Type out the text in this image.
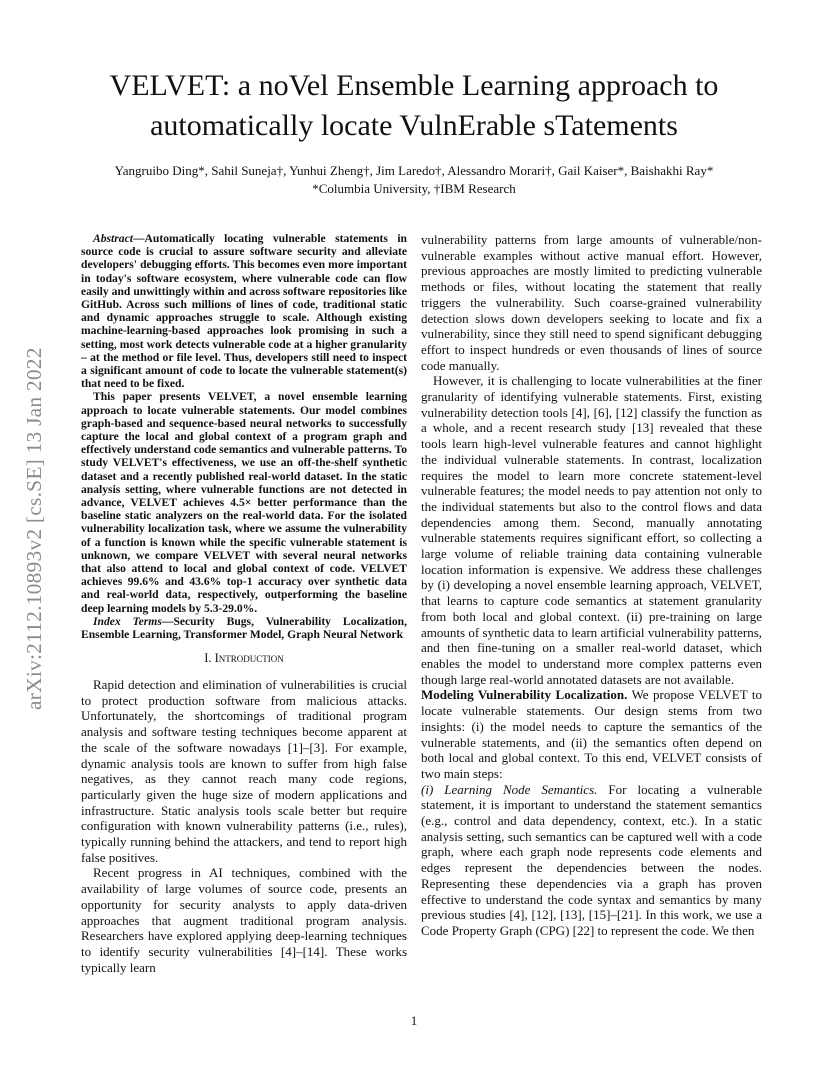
VELVET: a noVel Ensemble Learning approach to
automatically locate VulnErable sTatements
Yangruibo Ding*, Sahil Suneja†, Yunhui Zheng†, Jim Laredo†, Alessandro Morari†, Gail Kaiser*, Baishakhi Ray*
*Columbia University, †IBM Research
arXiv:2112.10893v2 [cs.SE] 13 Jan 2022

Abstract—Automatically locating vulnerable statements in source code is crucial to assure software security and alleviate developers' debugging efforts. This becomes even more important in today's software ecosystem, where vulnerable code can flow easily and unwittingly within and across software repositories like GitHub. Across such millions of lines of code, traditional static and dynamic approaches struggle to scale. Although existing machine-learning-based approaches look promising in such a setting, most work detects vulnerable code at a higher granularity – at the method or file level. Thus, developers still need to inspect a significant amount of code to locate the vulnerable statement(s) that need to be fixed.

This paper presents VELVET, a novel ensemble learning approach to locate vulnerable statements. Our model combines graph-based and sequence-based neural networks to successfully capture the local and global context of a program graph and effectively understand code semantics and vulnerable patterns. To study VELVET's effectiveness, we use an off-the-shelf synthetic dataset and a recently published real-world dataset. In the static analysis setting, where vulnerable functions are not detected in advance, VELVET achieves 4.5× better performance than the baseline static analyzers on the real-world data. For the isolated vulnerability localization task, where we assume the vulnerability of a function is known while the specific vulnerable statement is unknown, we compare VELVET with several neural networks that also attend to local and global context of code. VELVET achieves 99.6% and 43.6% top-1 accuracy over synthetic data and real-world data, respectively, outperforming the baseline deep learning models by 5.3-29.0%.

Index Terms—Security Bugs, Vulnerability Localization, Ensemble Learning, Transformer Model, Graph Neural Network

I. Introduction

Rapid detection and elimination of vulnerabilities is crucial to protect production software from malicious attacks. Unfortunately, the shortcomings of traditional program analysis and software testing techniques become apparent at the scale of the software nowadays [1]–[3]. For example, dynamic analysis tools are known to suffer from high false negatives, as they cannot reach many code regions, particularly given the huge size of modern applications and infrastructure. Static analysis tools scale better but require configuration with known vulnerability patterns (i.e., rules), typically running behind the attackers, and tend to report high false positives.

Recent progress in AI techniques, combined with the availability of large volumes of source code, presents an opportunity for security analysts to apply data-driven approaches that augment traditional program analysis. Researchers have explored applying deep-learning techniques to identify security vulnerabilities [4]–[14]. These works typically learn

vulnerability patterns from large amounts of vulnerable/non-vulnerable examples without active manual effort. However, previous approaches are mostly limited to predicting vulnerable methods or files, without locating the statement that really triggers the vulnerability. Such coarse-grained vulnerability detection slows down developers seeking to locate and fix a vulnerability, since they still need to spend significant debugging effort to inspect hundreds or even thousands of lines of source code manually.

However, it is challenging to locate vulnerabilities at the finer granularity of identifying vulnerable statements. First, existing vulnerability detection tools [4], [6], [12] classify the function as a whole, and a recent research study [13] revealed that these tools learn high-level vulnerable features and cannot highlight the individual vulnerable statements. In contrast, localization requires the model to learn more concrete statement-level vulnerable features; the model needs to pay attention not only to the individual statements but also to the control flows and data dependencies among them. Second, manually annotating vulnerable statements requires significant effort, so collecting a large volume of reliable training data containing vulnerable location information is expensive. We address these challenges by (i) developing a novel ensemble learning approach, VELVET, that learns to capture code semantics at statement granularity from both local and global context. (ii) pre-training on large amounts of synthetic data to learn artificial vulnerability patterns, and then fine-tuning on a smaller real-world dataset, which enables the model to understand more complex patterns even though large real-world annotated datasets are not available.

Modeling Vulnerability Localization. We propose VELVET to locate vulnerable statements. Our design stems from two insights: (i) the model needs to capture the semantics of the vulnerable statements, and (ii) the semantics often depend on both local and global context. To this end, VELVET consists of two main steps:

(i) Learning Node Semantics. For locating a vulnerable statement, it is important to understand the statement semantics (e.g., control and data dependency, context, etc.). In a static analysis setting, such semantics can be captured well with a code graph, where each graph node represents code elements and edges represent the dependencies between the nodes. Representing these dependencies via a graph has proven effective to understand the code syntax and semantics by many previous studies [4], [12], [13], [15]–[21]. In this work, we use a Code Property Graph (CPG) [22] to represent the code. We then

1
